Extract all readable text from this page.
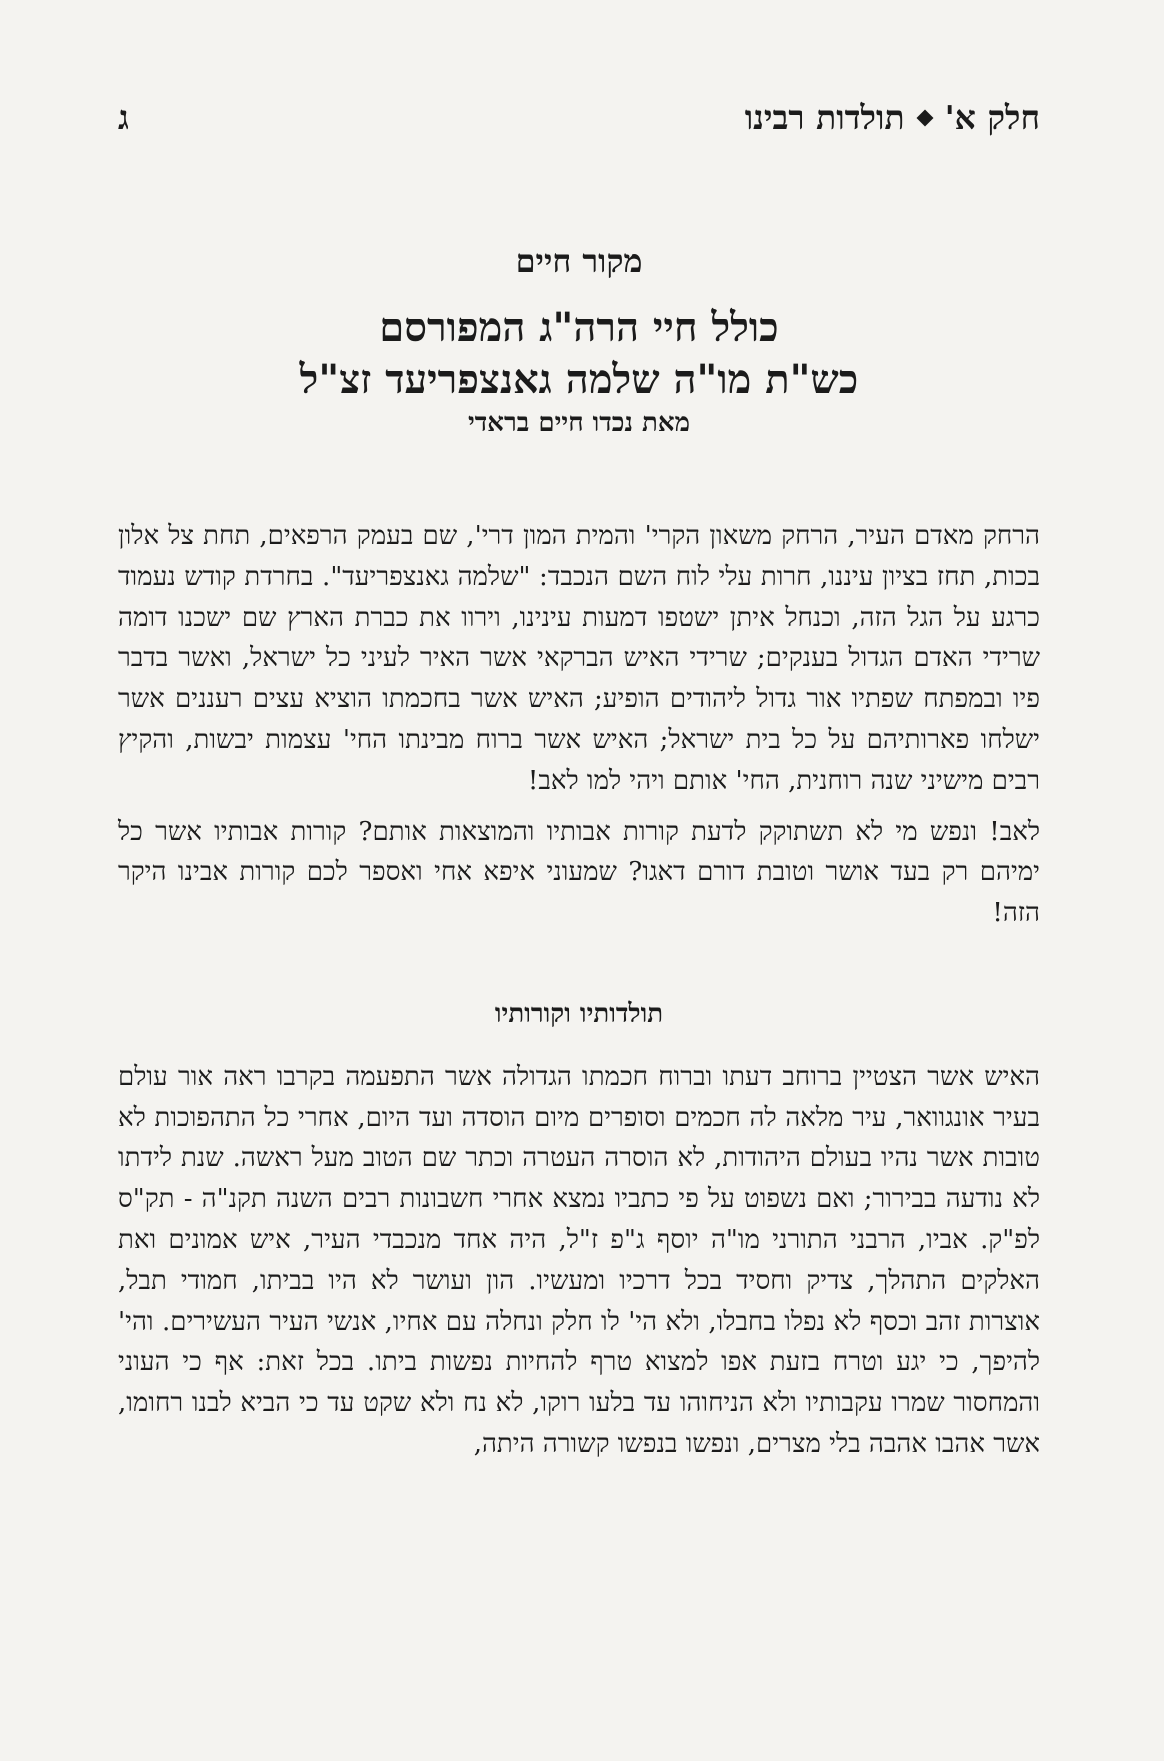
חלק א'
תולדות רבינו
ג
מקור חיים
כולל חיי הרה"ג המפורסם
כש"ת מו"ה שלמה גאנצפריעד זצ"ל
מאת נכדו חיים בראדי

הרחק מאדם העיר, הרחק משאון הקרי' והמית המון דרי', שם בעמק הרפאים, תחת צל אלון בכות, תחז בציון עיננו, חרות עלי לוח השם הנכבד: "שלמה גאנצפריעד". בחרדת קודש נעמוד כרגע על הגל הזה, וכנחל איתן ישטפו דמעות עינינו, וירוו את כברת הארץ שם ישכנו דומה שרידי האדם הגדול בענקים; שרידי האיש הברקאי אשר האיר לעיני כל ישראל, ואשר בדבר פיו ובמפתח שפתיו אור גדול ליהודים הופיע; האיש אשר בחכמתו הוציא עצים רעננים אשר ישלחו פארותיהם על כל בית ישראל; האיש אשר ברוח מבינתו החי' עצמות יבשות, והקיץ רבים מישיני שנה רוחנית, החי' אותם ויהי למו לאב!

לאב! ונפש מי לא תשתוקק לדעת קורות אבותיו והמוצאות אותם? קורות אבותיו אשר כל ימיהם רק בעד אושר וטובת דורם דאגו? שמעוני איפא אחי ואספר לכם קורות אבינו היקר הזה!

תולדותיו וקורותיו

האיש אשר הצטיין ברוחב דעתו וברוח חכמתו הגדולה אשר התפעמה בקרבו ראה אור עולם בעיר אונגוואר, עיר מלאה לה חכמים וסופרים מיום הוסדה ועד היום, אחרי כל התהפוכות לא טובות אשר נהיו בעולם היהודות, לא הוסרה העטרה וכתר שם הטוב מעל ראשה. שנת לידתו לא נודעה בבירור; ואם נשפוט על פי כתביו נמצא אחרי חשבונות רבים השנה תקנ"ה - תק"ס לפ"ק. אביו, הרבני התורני מו"ה יוסף ג"פ ז"ל, היה אחד מנכבדי העיר, איש אמונים ואת האלקים התהלך, צדיק וחסיד בכל דרכיו ומעשיו. הון ועושר לא היו בביתו, חמודי תבל, אוצרות זהב וכסף לא נפלו בחבלו, ולא הי' לו חלק ונחלה עם אחיו, אנשי העיר העשירים. והי' להיפך, כי יגע וטרח בזעת אפו למצוא טרף להחיות נפשות ביתו. בכל זאת: אף כי העוני והמחסור שמרו עקבותיו ולא הניחוהו עד בלעו רוקו, לא נח ולא שקט עד כי הביא לבנו רחומו, אשר אהבו אהבה בלי מצרים, ונפשו בנפשו קשורה היתה,
